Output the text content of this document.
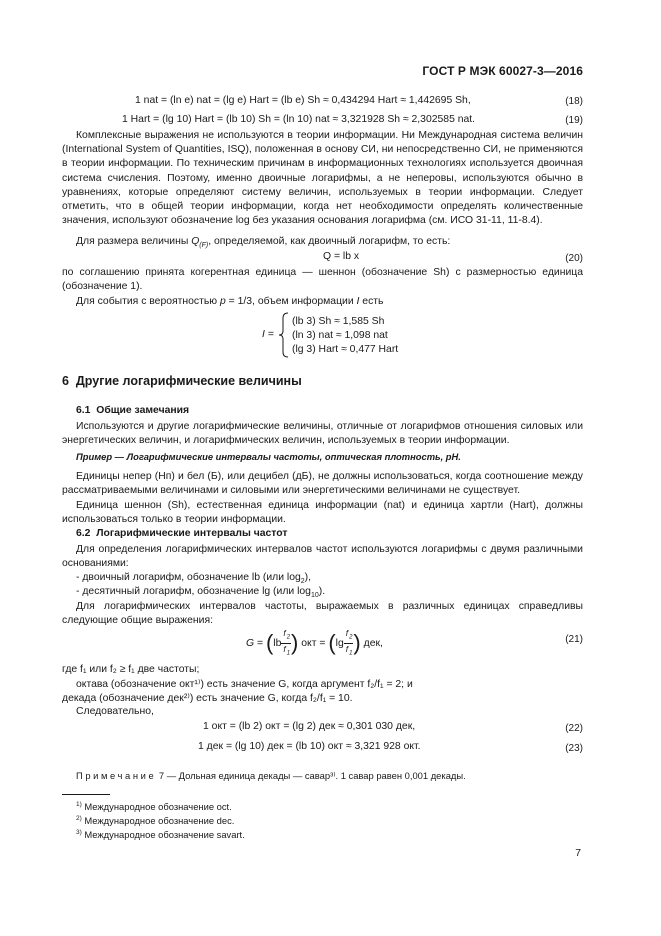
ГОСТ Р МЭК 60027-3—2016
1 nat = (ln e) nat = (lg e) Hart = (lb e) Sh ≈ 0,434294 Hart ≈ 1,442695 Sh,	(18)
1 Hart = (lg 10) Hart = (lb 10) Sh = (ln 10) nat ≈ 3,321928 Sh ≈ 2,302585 nat.	(19)
Комплексные выражения не используются в теории информации. Ни Международная система величин (International System of Quantities, ISQ), положенная в основу СИ, ни непосредственно СИ, не применяются в теории информации. По техническим причинам в информационных технологиях используется двоичная система счисления. Поэтому, именно двоичные логарифмы, а не неперовы, используются обычно в уравнениях, которые определяют систему величин, используемых в теории информации. Следует отметить, что в общей теории информации, когда нет необходимости определять количественные значения, используют обозначение log без указания основания логарифма (см. ИСО 31-11, 11-8.4).
Для размера величины $Q_{(F)}$, определяемой, как двоичный логарифм, то есть:
Q = lb x	(20)
по соглашению принята когерентная единица — шеннон (обозначение Sh) с размерностью единица (обозначение 1).
Для события с вероятностью p = 1/3, объем информации I есть
I =
(lb 3) Sh ≈ 1,585 Sh
(ln 3) nat ≈ 1,098 nat
(lg 3) Hart ≈ 0,477 Hart
6 Другие логарифмические величины
6.1 Общие замечания
Используются и другие логарифмические величины, отличные от логарифмов отношения силовых или энергетических величин, и логарифмических величин, используемых в теории информации.
Пример — Логарифмические интервалы частоты, оптическая плотность, pH.
Единицы непер (Нп) и бел (Б), или децибел (дБ), не должны использоваться, когда соотношение между рассматриваемыми величинами и силовыми или энергетическими величинами не существует.
Единица шеннон (Sh), естественная единица информации (nat) и единица хартли (Hart), должны использоваться только в теории информации.
6.2 Логарифмические интервалы частот
Для определения логарифмических интервалов частот используются логарифмы с двумя различными основаниями:
- двоичный логарифм, обозначение lb (или $\log_2$),
- десятичный логарифм, обозначение lg (или $\log_{10}$).
Для логарифмических интервалов частоты, выражаемых в различных единицах справедливы следующие общие выражения:
$G = (lb \frac{f_2}{f_1}$ ) окт = ($\lg \frac{f_2}{f_1}$ ) дек,	(21)
где f₁ или f₂ ≥ f₁ две частоты;
октава (обозначение окт¹⁾) есть значение G, когда аргумент f₂/f₁ = 2; и
декада (обозначение дек²⁾) есть значение G, когда f₂/f₁ = 10.
Следовательно,
1 окт = (lb 2) окт = (lg 2) дек ≈ 0,301 030 дек,	(22)
1 дек = (lg 10) дек = (lb 10) окт ≈ 3,321 928 окт.	(23)
Примечание 7 — Дольная единица декады — савар³⁾. 1 савар равен 0,001 декады.
$^{1)}$ Международное обозначение oct.
$^{2)}$ Международное обозначение dec.
$^{3)}$ Международное обозначение savart.
7
